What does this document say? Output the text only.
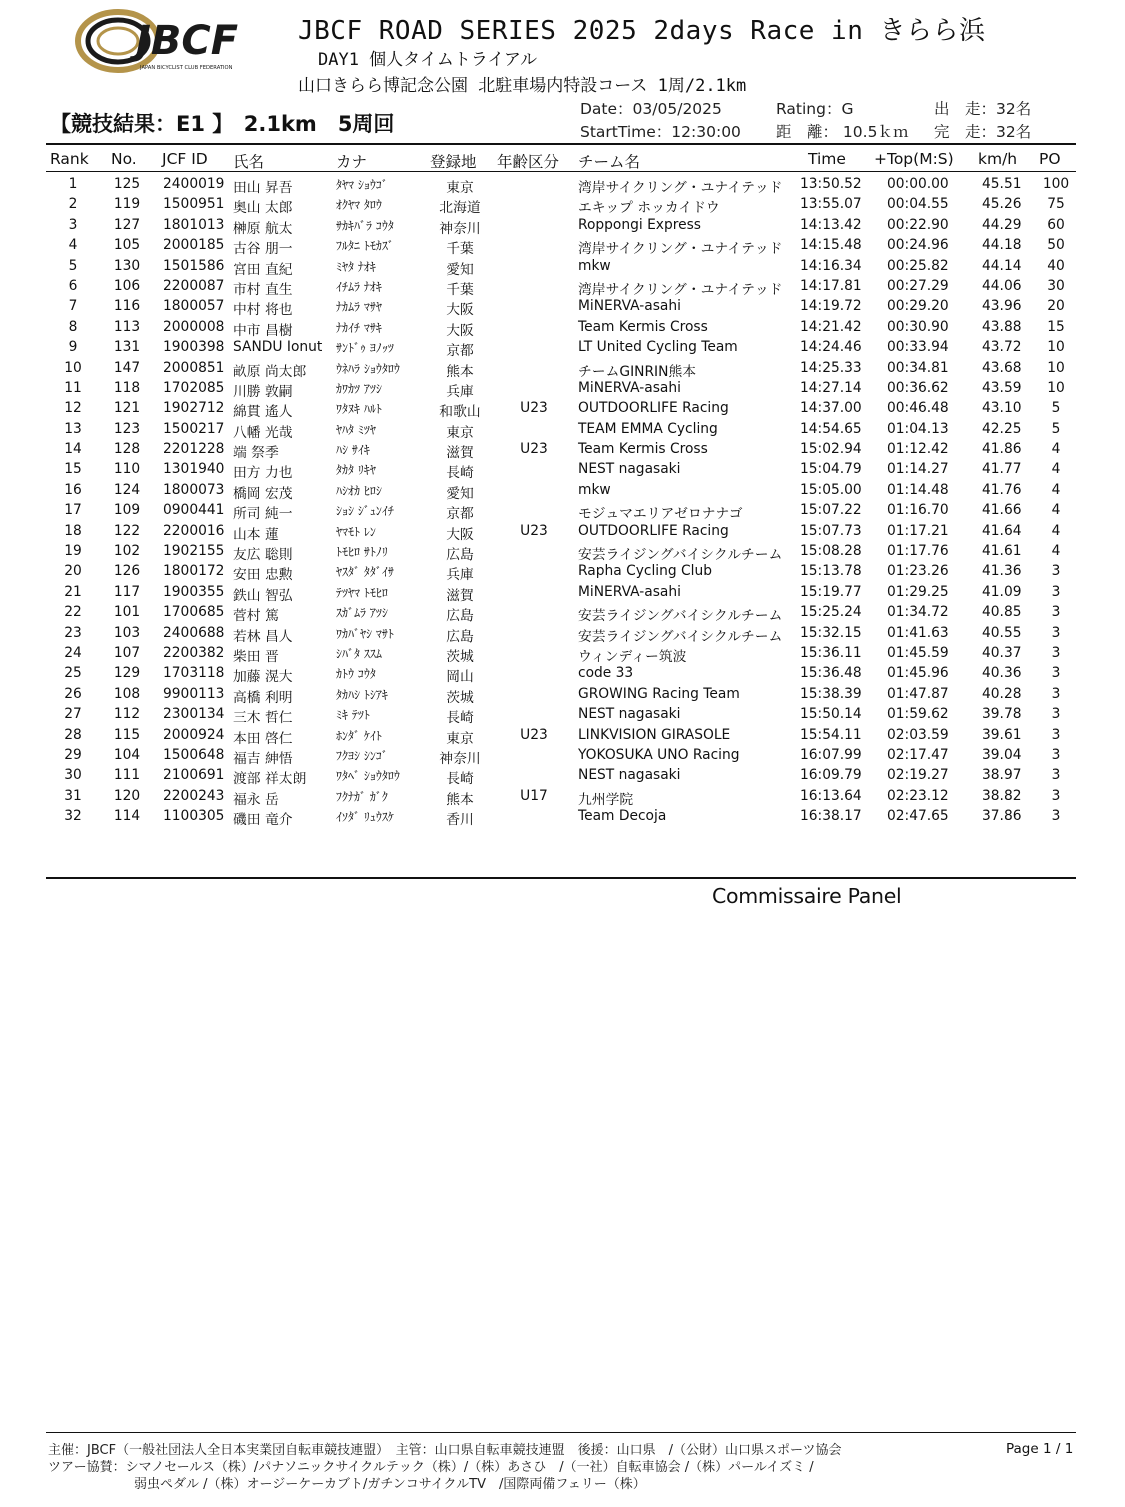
JBCF
JAPAN BICYCLIST CLUB FEDERATION
JBCF ROAD SERIES 2025 2days Race in きらら浜
DAY1 個人タイムトライアル
山口きらら博記念公園 北駐車場内特設コース 1周/2.1km
【競技結果：E1 】　2.1km　5周回
Date：03/05/2025
StartTime：12:30:00
Rating：G
距　離： 10.5ｋｍ
出　走：32名
完　走：32名
Rank No. JCF ID 氏名	カナ	登録地 年齢区分 チーム名	Time +Top(M:S) km/h PO
1	125 2400019 田山 昇吾	ﾀﾔﾏ ｼｮｳｺﾞ	東京	湾岸サイクリング・ユナイテッド 13:50.52 00:00.00 45.51 100
2	119 1500951 奥山 太郎	ｵｸﾔﾏ ﾀﾛｳ	北海道	エキップ ホッカイドウ	13:55.07 00:04.55 45.26	75
3	127 1801013 榊原 航太	ｻｶｷﾊﾞﾗ ｺｳﾀ	神奈川	Roppongi Express	14:13.42 00:22.90 44.29	60
4	105 2000185 古谷 朋一	ﾌﾙﾀﾆ ﾄﾓｶｽﾞ	千葉	湾岸サイクリング・ユナイテッド 14:15.48 00:24.96 44.18	50
5	130 1501586 宮田 直紀	ﾐﾔﾀ ﾅｵｷ	愛知	mkw	14:16.34 00:25.82 44.14	40
6	106 2200087 市村 直生	ｲﾁﾑﾗ ﾅｵｷ	千葉	湾岸サイクリング・ユナイテッド 14:17.81 00:27.29 44.06	30
7	116 1800057 中村 将也	ﾅｶﾑﾗ ﾏｻﾔ	大阪	MiNERVA-asahi	14:19.72 00:29.20 43.96	20
8	113 2000008 中市 昌樹	ﾅｶｲﾁ ﾏｻｷ	大阪	Team Kermis Cross	14:21.42 00:30.90 43.88	15
9	131 1900398 SANDU Ionut ｻﾝﾄﾞｩ ﾖﾉｯﾂ	京都	LT United Cycling Team	14:24.46 00:33.94 43.72	10
10	147 2000851 畝原 尚太郎 ｳﾈﾊﾗ ｼｮｳﾀﾛｳ	熊本	チームGINRIN熊本	14:25.33 00:34.81 43.68	10
11	118 1702085 川勝 敦嗣	ｶﾜｶﾂ ｱﾂｼ	兵庫	MiNERVA-asahi	14:27.14 00:36.62 43.59	10
12	121 1902712 綿貫 遙人	ﾜﾀﾇｷ ﾊﾙﾄ	和歌山	U23	OUTDOORLIFE Racing	14:37.00 00:46.48 43.10	5
13	123 1500217 八幡 光哉	ﾔﾊﾀ ﾐﾂﾔ	東京	TEAM EMMA Cycling	14:54.65 01:04.13 42.25	5
14	128 2201228 端 祭季	ﾊｼ ｻｲｷ	滋賀	U23	Team Kermis Cross	15:02.94 01:12.42 41.86	4
15	110 1301940 田方 力也	ﾀｶﾀ ﾘｷﾔ	長崎	NEST nagasaki	15:04.79 01:14.27 41.77	4
16	124 1800073 橋岡 宏茂	ﾊｼｵｶ ﾋﾛｼ	愛知	mkw	15:05.00 01:14.48 41.76	4
17	109 0900441 所司 純一	ｼｮｼ ｼﾞｭﾝｲﾁ	京都	モジュマエリアゼロナナゴ	15:07.22 01:16.70 41.66	4
18	122 2200016 山本 蓮	ﾔﾏﾓﾄ ﾚﾝ	大阪	U23	OUTDOORLIFE Racing	15:07.73 01:17.21 41.64	4
19	102 1902155 友広 聡則	ﾄﾓﾋﾛ ｻﾄﾉﾘ	広島	安芸ライジングバイシクルチーム 15:08.28 01:17.76 41.61	4
20	126 1800172 安田 忠勲	ﾔｽﾀﾞ ﾀﾀﾞｲｻ	兵庫	Rapha Cycling Club	15:13.78 01:23.26 41.36	3
21	117 1900355 鉄山 智弘	ﾃﾂﾔﾏ ﾄﾓﾋﾛ	滋賀	MiNERVA-asahi	15:19.77 01:29.25 41.09	3
22	101 1700685 菅村 篤	ｽｶﾞﾑﾗ ｱﾂｼ	広島	安芸ライジングバイシクルチーム 15:25.24 01:34.72 40.85	3
23	103 2400688 若林 昌人	ﾜｶﾊﾞﾔｼ ﾏｻﾄ	広島	安芸ライジングバイシクルチーム 15:32.15 01:41.63 40.55	3
24	107 2200382 柴田 晋	ｼﾊﾞﾀ ｽｽﾑ	茨城	ウィンディー筑波	15:36.11 01:45.59 40.37	3
25	129 1703118 加藤 滉大	ｶﾄｳ ｺｳﾀ	岡山	code 33	15:36.48 01:45.96 40.36	3
26	108 9900113 高橋 利明	ﾀｶﾊｼ ﾄｼｱｷ	茨城	GROWING Racing Team	15:38.39 01:47.87 40.28	3
27	112 2300134 三木 哲仁	ﾐｷ ﾃﾂﾄ	長崎	NEST nagasaki	15:50.14 01:59.62 39.78	3
28	115 2000924 本田 啓仁	ﾎﾝﾀﾞ ｹｲﾄ	東京	U23	LINKVISION GIRASOLE	15:54.11 02:03.59 39.61	3
29	104 1500648 福吉 紳悟	ﾌｸﾖｼ ｼﾝｺﾞ	神奈川	YOKOSUKA UNO Racing	16:07.99 02:17.47 39.04	3
30	111 2100691 渡部 祥太朗 ﾜﾀﾍﾞ ｼｮｳﾀﾛｳ	長崎	NEST nagasaki	16:09.79 02:19.27 38.97	3
31	120 2200243 福永 岳	ﾌｸﾅｶﾞ ｶﾞｸ	熊本	U17	九州学院	16:13.64 02:23.12 38.82	3
32	114 1100305 磯田 竜介	ｲｿﾀﾞ ﾘｭｳｽｹ	香川	Team Decoja	16:38.17 02:47.65 37.86	3
Commissaire Panel
主催：JBCF（一般社団法人全日本実業団自転車競技連盟）　主管：山口県自転車競技連盟　後援：山口県　/（公財）山口県スポーツ協会
ツアー協賛：シマノセールス（株）/パナソニックサイクルテック（株）/（株）あさひ　/（一社）自転車協会 /（株）パールイズミ /
弱虫ペダル /（株）オージーケーカブト/ガチンコサイクルTV　/国際両備フェリー（株）
Page 1 / 1
